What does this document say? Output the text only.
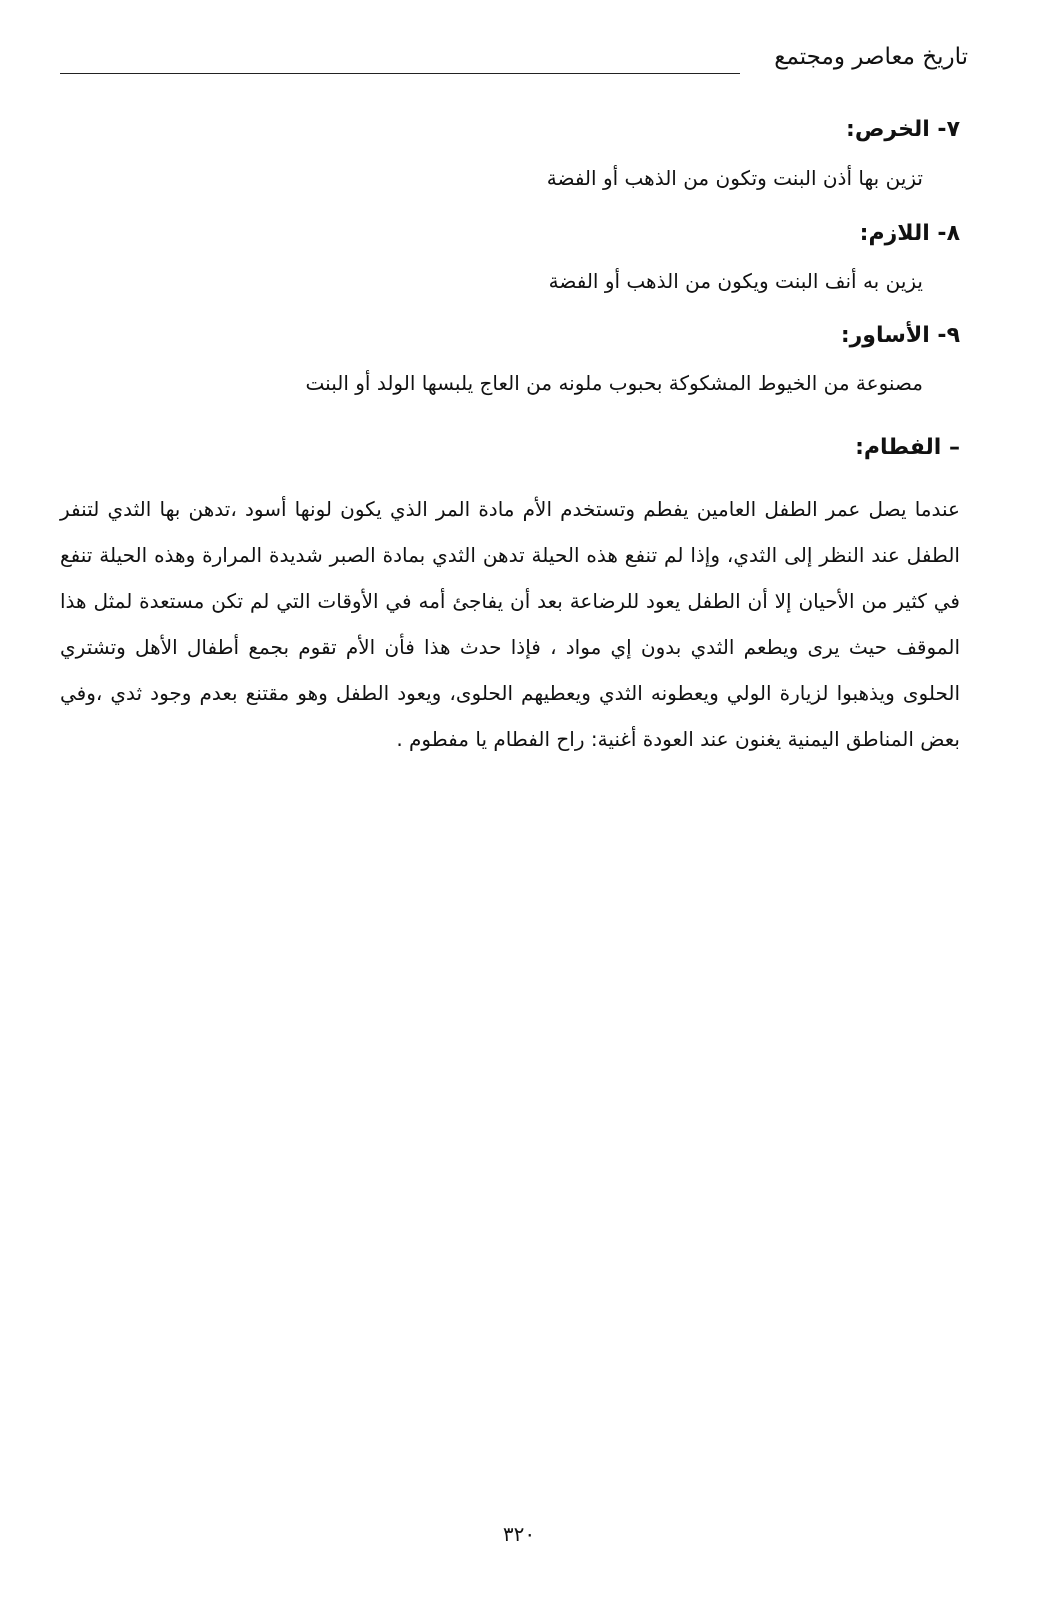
تاريخ معاصر ومجتمع
٧- الخرص:
تزين بها أذن البنت وتكون من الذهب أو الفضة
٨- اللازم:
يزين به أنف البنت ويكون من الذهب أو الفضة
٩- الأساور:
مصنوعة من الخيوط المشكوكة بحبوب ملونه من العاج يلبسها الولد أو البنت
– الفطام:

عندما يصل عمر الطفل العامين يفطم وتستخدم الأم مادة المر الذي يكون لونها أسود ،تدهن بها الثدي لتنفر الطفل عند النظر إلى الثدي، وإذا لم تنفع هذه الحيلة تدهن الثدي بمادة الصبر شديدة المرارة وهذه الحيلة تنفع في كثير من الأحيان إلا أن الطفل يعود للرضاعة بعد أن يفاجئ أمه في الأوقات التي لم تكن مستعدة لمثل هذا الموقف حيث يرى ويطعم الثدي بدون إي مواد ، فإذا حدث هذا فأن الأم تقوم بجمع أطفال الأهل وتشتري الحلوى ويذهبوا لزيارة الولي ويعطونه الثدي ويعطيهم الحلوى، ويعود الطفل وهو مقتنع بعدم وجود ثدي ،وفي بعض المناطق اليمنية يغنون عند العودة أغنية: راح الفطام يا مفطوم .

٣٢٠
